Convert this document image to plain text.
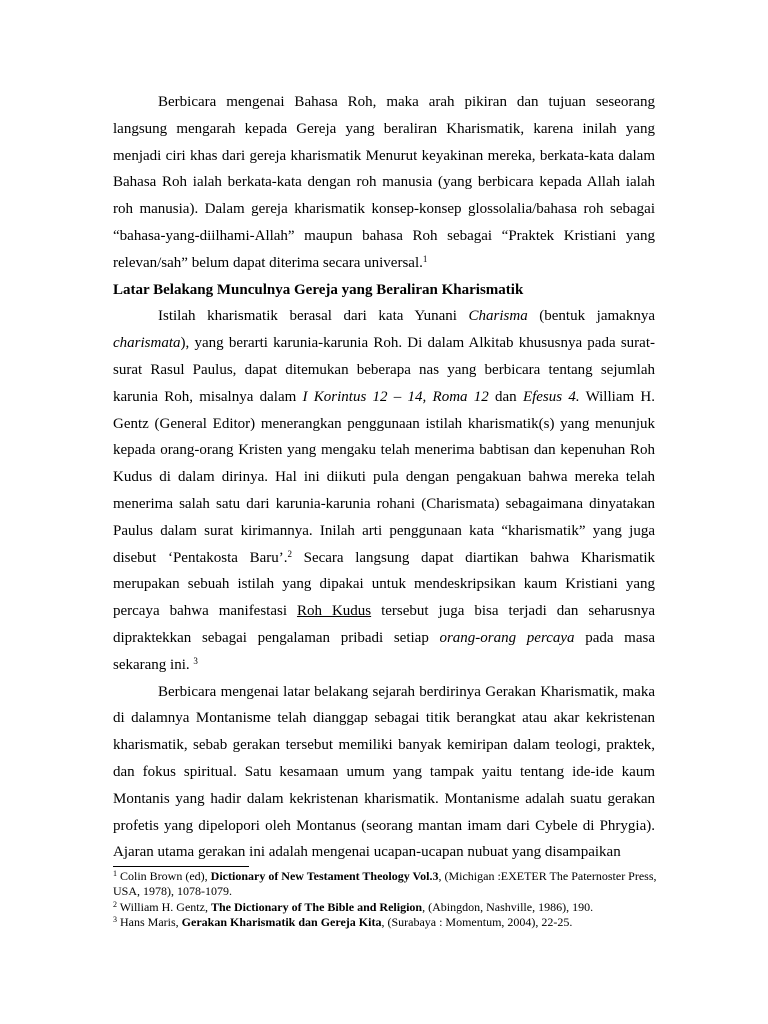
Berbicara mengenai Bahasa Roh, maka arah pikiran dan tujuan seseorang langsung mengarah kepada Gereja yang beraliran Kharismatik, karena inilah yang menjadi ciri khas dari gereja kharismatik Menurut keyakinan mereka, berkata-kata dalam Bahasa Roh ialah berkata-kata dengan roh manusia (yang berbicara kepada Allah ialah roh manusia). Dalam gereja kharismatik konsep-konsep glossolalia/bahasa roh sebagai “bahasa-yang-diilhami-Allah” maupun bahasa Roh sebagai “Praktek Kristiani yang relevan/sah” belum dapat diterima secara universal.$^1$

Latar Belakang Munculnya Gereja yang Beraliran Kharismatik

Istilah kharismatik berasal dari kata Yunani Charisma (bentuk jamaknya charismata), yang berarti karunia-karunia Roh. Di dalam Alkitab khususnya pada surat-surat Rasul Paulus, dapat ditemukan beberapa nas yang berbicara tentang sejumlah karunia Roh, misalnya dalam I Korintus 12 – 14, Roma 12 dan Efesus 4. William H. Gentz (General Editor) menerangkan penggunaan istilah kharismatik(s) yang menunjuk kepada orang-orang Kristen yang mengaku telah menerima babtisan dan kepenuhan Roh Kudus di dalam dirinya. Hal ini diikuti pula dengan pengakuan bahwa mereka telah menerima salah satu dari karunia-karunia rohani (Charismata) sebagaimana dinyatakan Paulus dalam surat kirimannya. Inilah arti penggunaan kata “kharismatik” yang juga disebut ‘Pentakosta Baru’.$^2$ Secara langsung dapat diartikan bahwa Kharismatik merupakan sebuah istilah yang dipakai untuk mendeskripsikan kaum Kristiani yang percaya bahwa manifestasi Roh Kudus tersebut juga bisa terjadi dan seharusnya dipraktekkan sebagai pengalaman pribadi setiap orang-orang percaya pada masa sekarang ini. $^3$

Berbicara mengenai latar belakang sejarah berdirinya Gerakan Kharismatik, maka di dalamnya Montanisme telah dianggap sebagai titik berangkat atau akar kekristenan kharismatik, sebab gerakan tersebut memiliki banyak kemiripan dalam teologi, praktek, dan fokus spiritual. Satu kesamaan umum yang tampak yaitu tentang ide-ide kaum Montanis yang hadir dalam kekristenan kharismatik. Montanisme adalah suatu gerakan profetis yang dipelopori oleh Montanus (seorang mantan imam dari Cybele di Phrygia). Ajaran utama gerakan ini adalah mengenai ucapan-ucapan nubuat yang disampaikan

$^1$ Colin Brown (ed), Dictionary of New Testament Theology Vol.3, (Michigan :EXETER The Paternoster Press, USA, 1978), 1078-1079.
$^2$ William H. Gentz, The Dictionary of The Bible and Religion, (Abingdon, Nashville, 1986), 190.
$^3$ Hans Maris, Gerakan Kharismatik dan Gereja Kita, (Surabaya : Momentum, 2004), 22-25.
